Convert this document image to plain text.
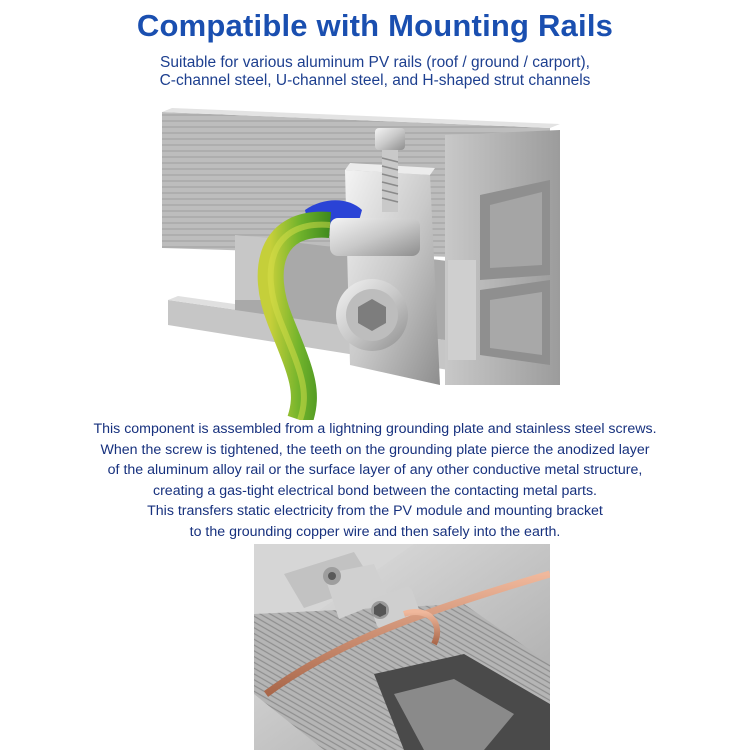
Compatible with Mounting Rails
Suitable for various aluminum PV rails (roof / ground / carport),
C-channel steel, U-channel steel, and H-shaped strut channels
This component is assembled from a lightning grounding plate and stainless steel screws.
When the screw is tightened, the teeth on the grounding plate pierce the anodized layer
of the aluminum alloy rail or the surface layer of any other conductive metal structure,
creating a gas-tight electrical bond between the contacting metal parts.
This transfers static electricity from the PV module and mounting bracket
to the grounding copper wire and then safely into the earth.
